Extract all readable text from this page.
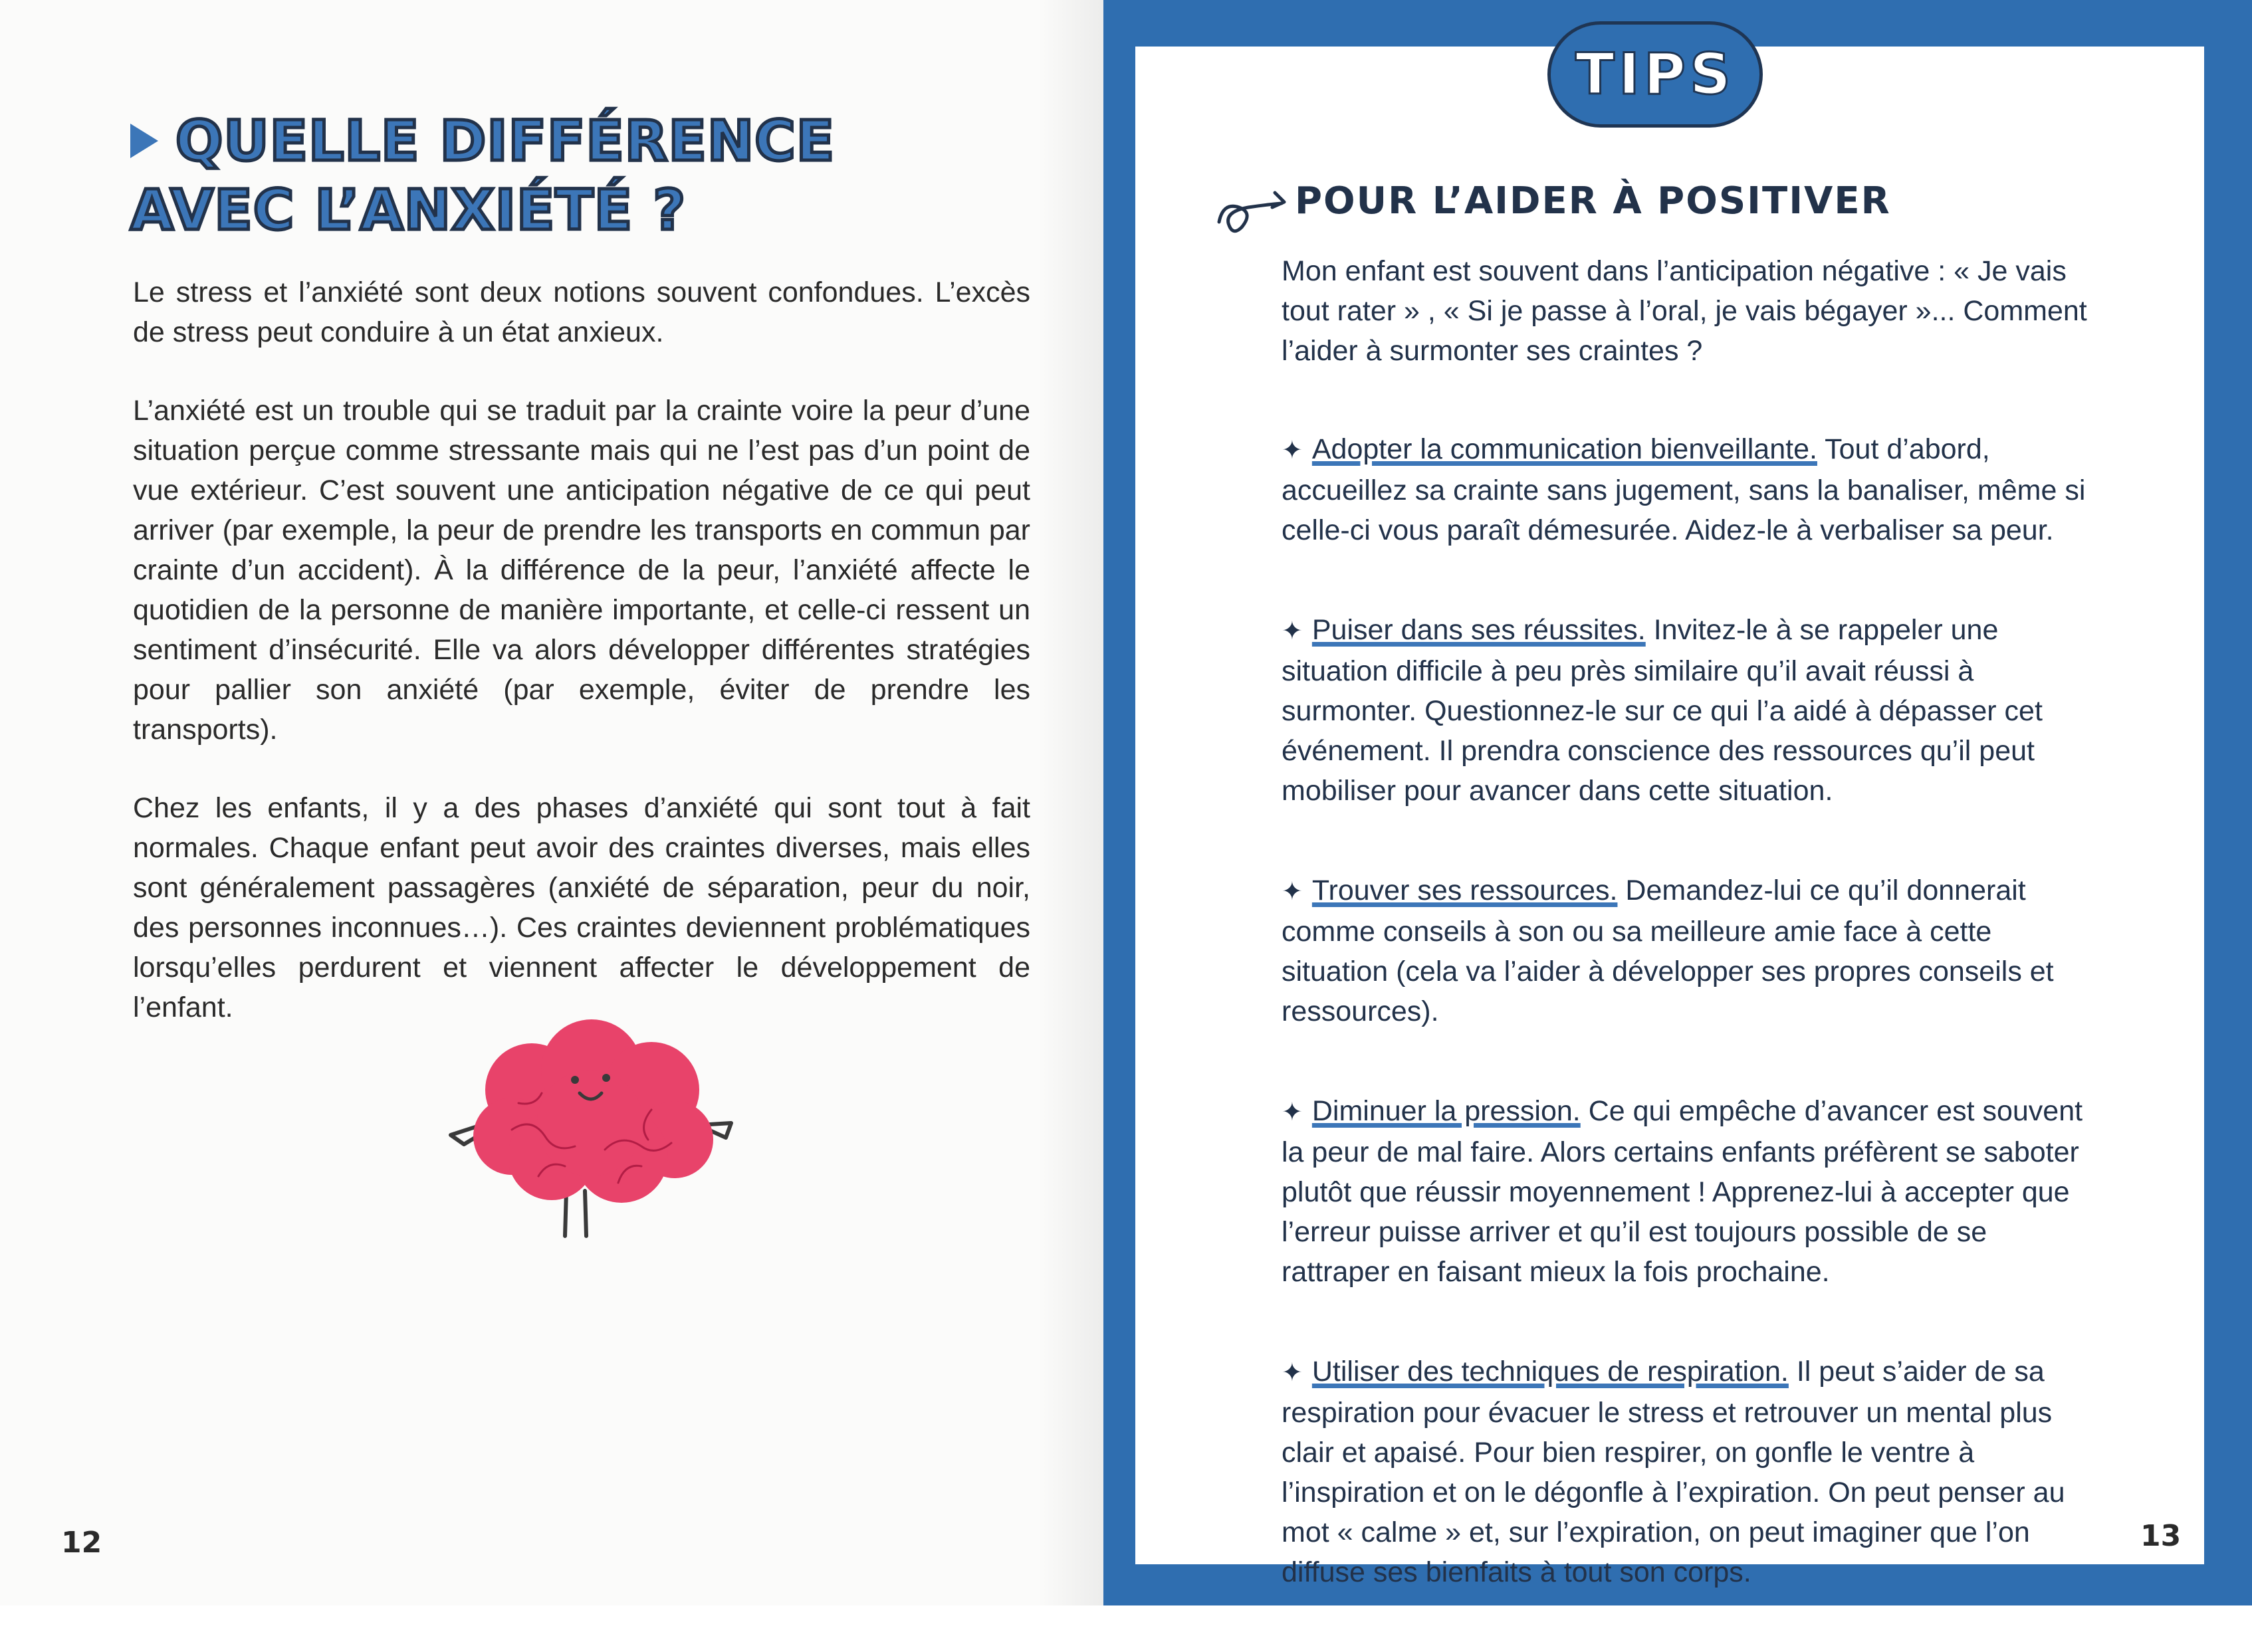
QUELLE DIFFÉRENCE
AVEC L’ANXIÉTÉ ?

Le stress et l’anxiété sont deux notions souvent confondues. L’excès de stress peut conduire à un état anxieux.

L’anxiété est un trouble qui se traduit par la crainte voire la peur d’une situation perçue comme stressante mais qui ne l’est pas d’un point de vue extérieur. C’est souvent une anticipation négative de ce qui peut arriver (par exemple, la peur de prendre les transports en commun par crainte d’un accident). À la différence de la peur, l’anxiété affecte le quotidien de la personne de manière importante, et celle-ci ressent un sentiment d’insécurité. Elle va alors développer différentes stratégies pour pallier son anxiété (par exemple, éviter de prendre les transports).

Chez les enfants, il y a des phases d’anxiété qui sont tout à fait normales. Chaque enfant peut avoir des craintes diverses, mais elles sont généralement passagères (anxiété de séparation, peur du noir, des personnes inconnues…). Ces craintes deviennent problématiques lorsqu’elles perdurent et viennent affecter le développement de l’enfant.

12
TIPS
POUR L’AIDER À POSITIVER

Mon enfant est souvent dans l’anticipation négative : « Je vais tout rater » , « Si je passe à l’oral, je vais bégayer »... Comment l’aider à surmonter ses craintes ?

✦ Adopter la communication bienveillante. Tout d’abord, accueillez sa crainte sans jugement, sans la banaliser, même si celle-ci vous paraît démesurée. Aidez-le à verbaliser sa peur.

✦ Puiser dans ses réussites. Invitez-le à se rappeler une situation difficile à peu près similaire qu’il avait réussi à surmonter. Questionnez-le sur ce qui l’a aidé à dépasser cet événement. Il prendra conscience des ressources qu’il peut mobiliser pour avancer dans cette situation.

✦ Trouver ses ressources. Demandez-lui ce qu’il donnerait comme conseils à son ou sa meilleure amie face à cette situation (cela va l’aider à développer ses propres conseils et ressources).

✦ Diminuer la pression. Ce qui empêche d’avancer est souvent la peur de mal faire. Alors certains enfants préfèrent se saboter plutôt que réussir moyennement ! Apprenez-lui à accepter que l’erreur puisse arriver et qu’il est toujours possible de se rattraper en faisant mieux la fois prochaine.

✦ Utiliser des techniques de respiration. Il peut s’aider de sa respiration pour évacuer le stress et retrouver un mental plus clair et apaisé. Pour bien respirer, on gonfle le ventre à l’inspiration et on le dégonfle à l’expiration. On peut penser au mot « calme » et, sur l’expiration, on peut imaginer que l’on diffuse ses bienfaits à tout son corps.

13
